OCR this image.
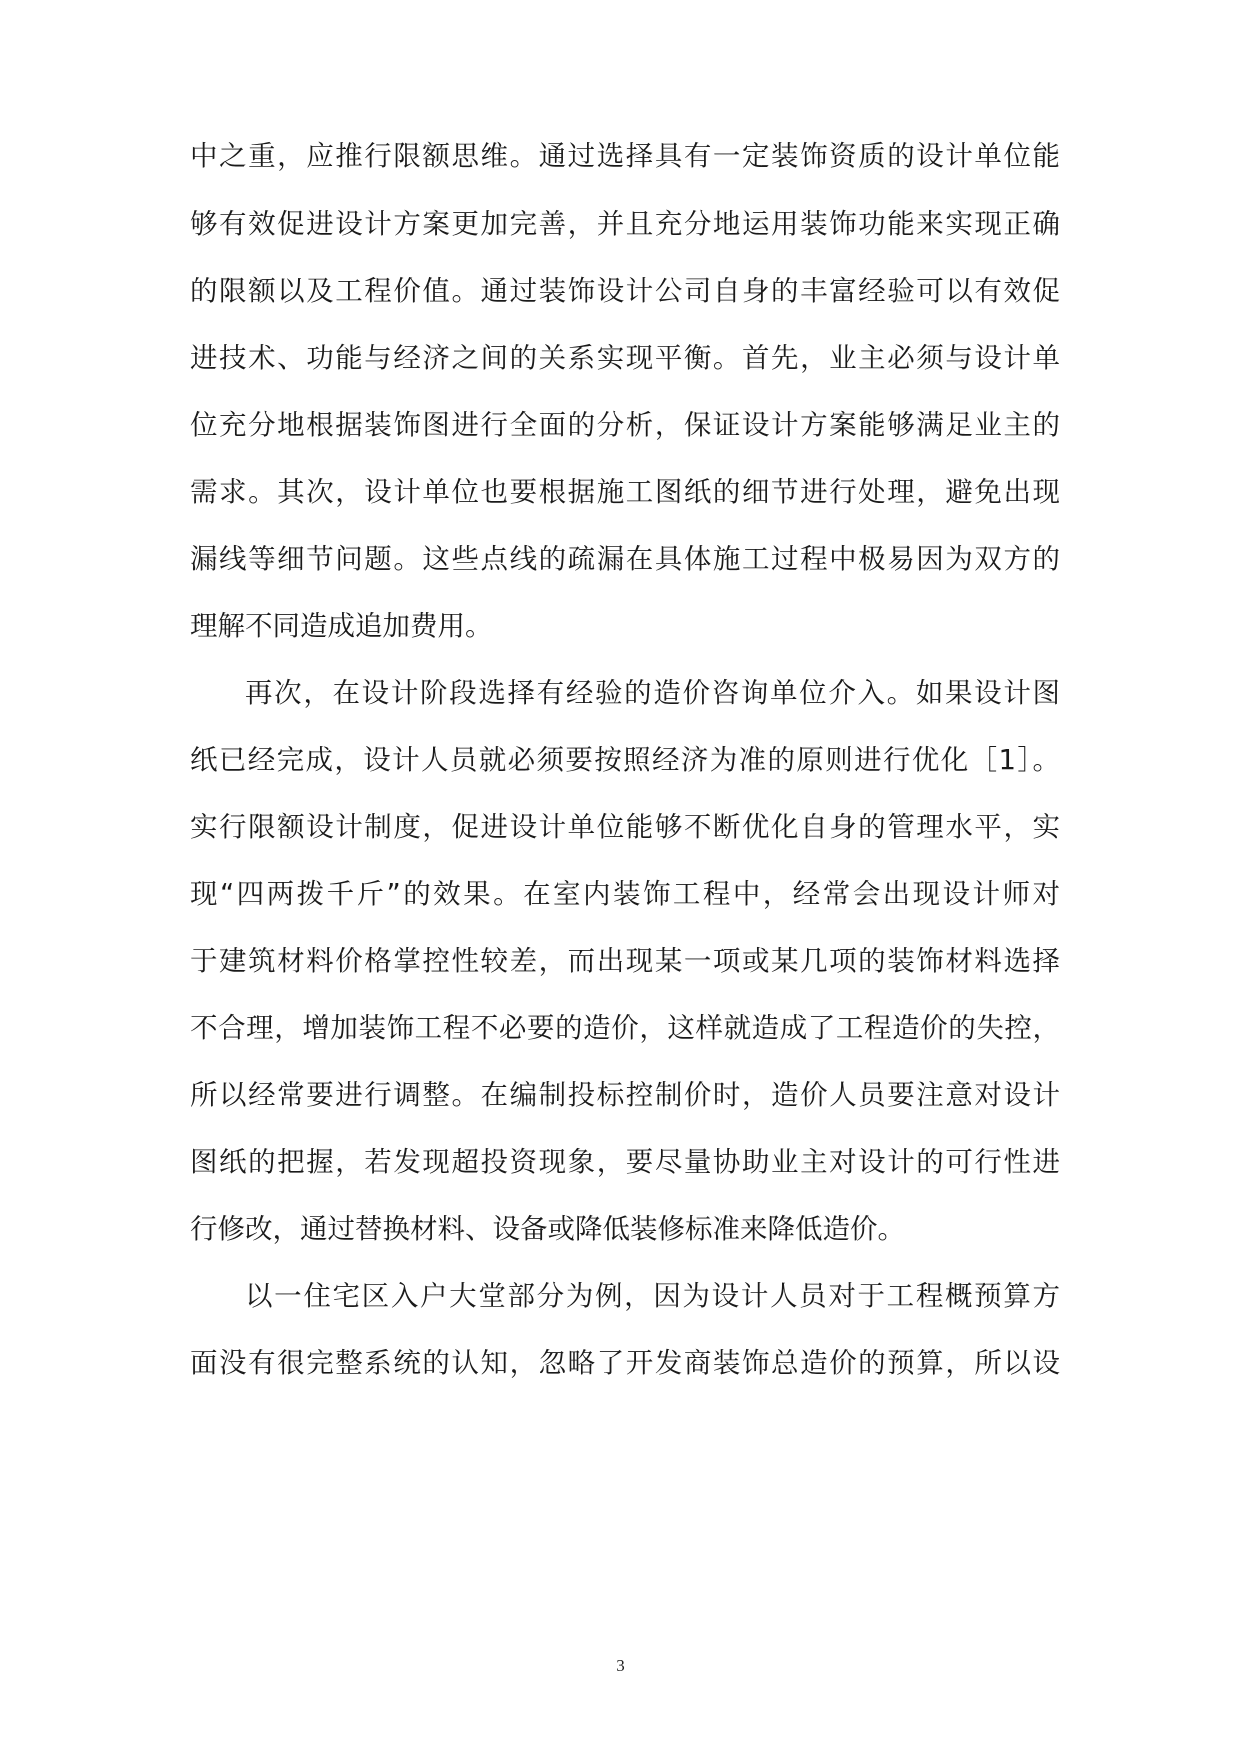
中之重，应推行限额思维。通过选择具有一定装饰资质的设计单位能
够有效促进设计方案更加完善，并且充分地运用装饰功能来实现正确
的限额以及工程价值。通过装饰设计公司自身的丰富经验可以有效促
进技术、功能与经济之间的关系实现平衡。首先，业主必须与设计单
位充分地根据装饰图进行全面的分析，保证设计方案能够满足业主的
需求。其次，设计单位也要根据施工图纸的细节进行处理，避免出现
漏线等细节问题。这些点线的疏漏在具体施工过程中极易因为双方的
理解不同造成追加费用。
再次，在设计阶段选择有经验的造价咨询单位介入。如果设计图
纸已经完成，设计人员就必须要按照经济为准的原则进行优化［1］。
实行限额设计制度，促进设计单位能够不断优化自身的管理水平，实
现“四两拨千斤”的效果。在室内装饰工程中，经常会出现设计师对
于建筑材料价格掌控性较差，而出现某一项或某几项的装饰材料选择
不合理，增加装饰工程不必要的造价，这样就造成了工程造价的失控，
所以经常要进行调整。在编制投标控制价时，造价人员要注意对设计
图纸的把握，若发现超投资现象，要尽量协助业主对设计的可行性进
行修改，通过替换材料、设备或降低装修标准来降低造价。
以一住宅区入户大堂部分为例，因为设计人员对于工程概预算方
面没有很完整系统的认知，忽略了开发商装饰总造价的预算，所以设
3
